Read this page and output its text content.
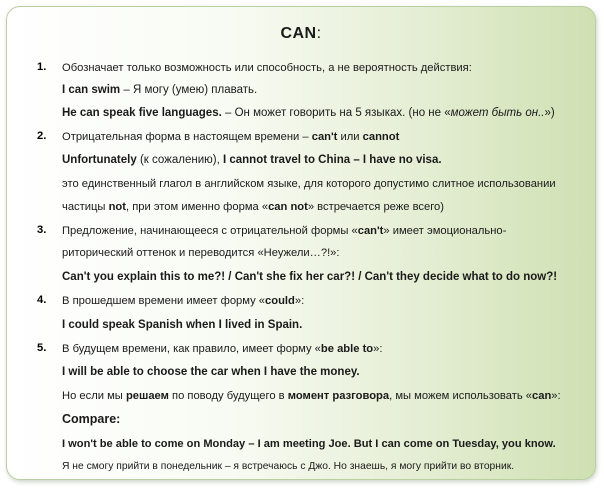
CAN:
1. Обозначает только возможность или способность, а не вероятность действия:
I can swim – Я могу (умею) плавать.
He can speak five languages. – Он может говорить на 5 языках. (но не «может быть он..»)
2. Отрицательная форма в настоящем времени – can't или cannot
Unfortunately (к сожалению), I cannot travel to China – I have no visa.
это единственный глагол в английском языке, для которого допустимо слитное использовании
частицы not, при этом именно форма «can not» встречается реже всего)
3. Предложение, начинающееся с отрицательной формы «can't» имеет эмоционально-
риторический оттенок и переводится «Неужели…?!»:
Can't you explain this to me?! / Can't she fix her car?! / Can't they decide what to do now?!
4. В прошедшем времени имеет форму «could»:
I could speak Spanish when I lived in Spain.
5. В будущем времени, как правило, имеет форму «be able to»:
I will be able to choose the car when I have the money.
Но если мы решаем по поводу будущего в момент разговора, мы можем использовать «can»:
Compare:
I won't be able to come on Monday – I am meeting Joe. But I can come on Tuesday, you know.
Я не смогу прийти в понедельник – я встречаюсь с Джо. Но знаешь, я могу прийти во вторник.
